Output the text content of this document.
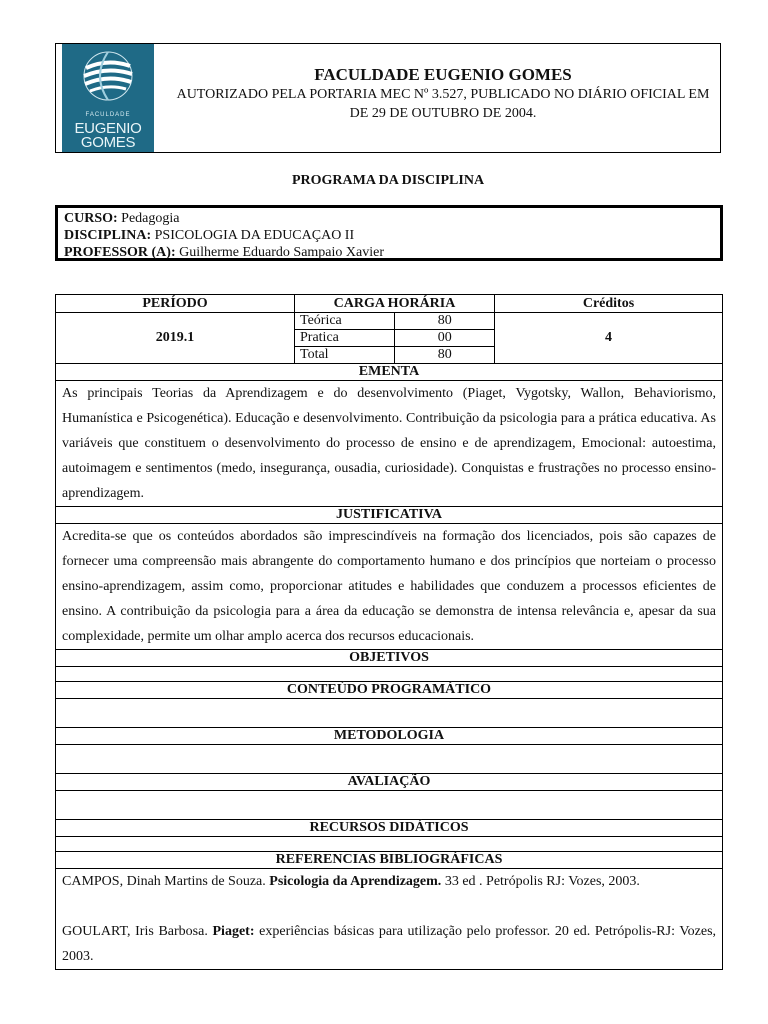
FACULDADE
EUGENIO
GOMES
FACULDADE EUGENIO GOMES
AUTORIZADO PELA PORTARIA MEC Nº 3.527, PUBLICADO NO DIÁRIO OFICIAL EM DE 29 DE OUTUBRO DE 2004.
PROGRAMA DA DISCIPLINA
CURSO: Pedagogia
DISCIPLINA: PSICOLOGIA DA EDUCAÇAO II
PROFESSOR (A): Guilherme Eduardo Sampaio Xavier
PERÍODO	CARGA HORÁRIA	Créditos
2019.1	
Teórica	80
Pratica	00
Total	80
	4
EMENTA
As principais Teorias da Aprendizagem e do desenvolvimento (Piaget, Vygotsky, Wallon, Behaviorismo, Humanística e Psicogenética). Educação e desenvolvimento. Contribuição da psicologia para a prática educativa. As variáveis que constituem o desenvolvimento do processo de ensino e de aprendizagem, Emocional: autoestima, autoimagem e sentimentos (medo, insegurança, ousadia, curiosidade). Conquistas e frustrações no processo ensino-aprendizagem.
JUSTIFICATIVA
Acredita-se que os conteúdos abordados são imprescindíveis na formação dos licenciados, pois são capazes de fornecer uma compreensão mais abrangente do comportamento humano e dos princípios que norteiam o processo ensino-aprendizagem, assim como, proporcionar atitudes e habilidades que conduzem a processos eficientes de ensino. A contribuição da psicologia para a área da educação se demonstra de intensa relevância e, apesar da sua complexidade, permite um olhar amplo acerca dos recursos educacionais.
OBJETIVOS

CONTEÚDO PROGRAMÁTICO

METODOLOGIA

AVALIAÇÃO

RECURSOS DIDÁTICOS

REFERENCIAS BIBLIOGRÁFICAS

CAMPOS, Dinah Martins de Souza. Psicologia da Aprendizagem. 33 ed . Petrópolis RJ: Vozes, 2003.

GOULART, Iris Barbosa. Piaget: experiências básicas para utilização pelo professor. 20 ed. Petrópolis-RJ: Vozes, 2003.
